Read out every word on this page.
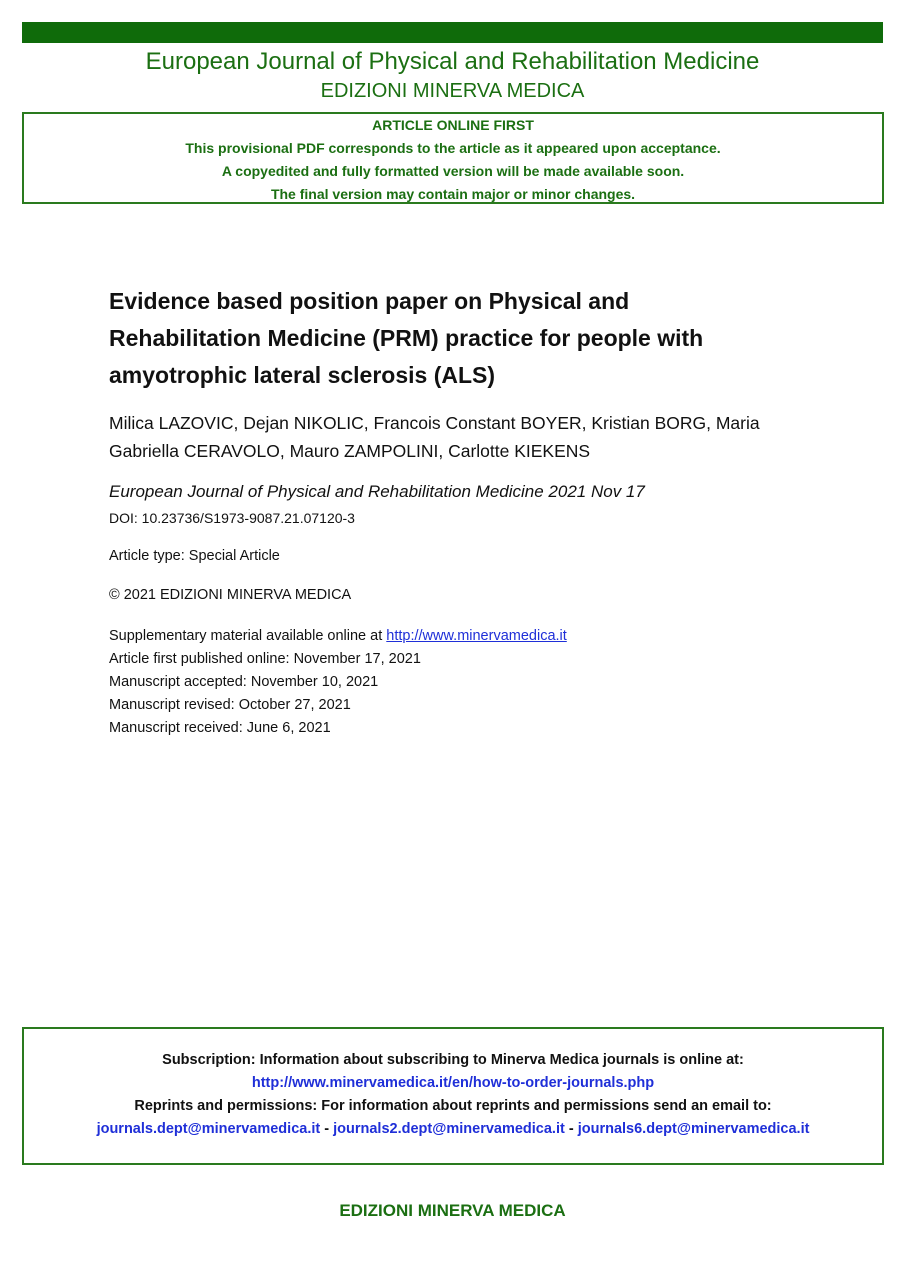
European Journal of Physical and Rehabilitation Medicine
EDIZIONI MINERVA MEDICA
ARTICLE ONLINE FIRST
This provisional PDF corresponds to the article as it appeared upon acceptance.
A copyedited and fully formatted version will be made available soon.
The final version may contain major or minor changes.
Evidence based position paper on Physical and
Rehabilitation Medicine (PRM) practice for people with
amyotrophic lateral sclerosis (ALS)
Milica LAZOVIC, Dejan NIKOLIC, Francois Constant BOYER, Kristian BORG, Maria
Gabriella CERAVOLO, Mauro ZAMPOLINI, Carlotte KIEKENS
European Journal of Physical and Rehabilitation Medicine 2021 Nov 17
DOI: 10.23736/S1973-9087.21.07120-3
Article type: Special Article
© 2021 EDIZIONI MINERVA MEDICA
Supplementary material available online at http://www.minervamedica.it
Article first published online: November 17, 2021
Manuscript accepted: November 10, 2021
Manuscript revised: October 27, 2021
Manuscript received: June 6, 2021
Subscription: Information about subscribing to Minerva Medica journals is online at:
http://www.minervamedica.it/en/how-to-order-journals.php
Reprints and permissions: For information about reprints and permissions send an email to:
journals.dept@minervamedica.it - journals2.dept@minervamedica.it - journals6.dept@minervamedica.it
EDIZIONI MINERVA MEDICA
